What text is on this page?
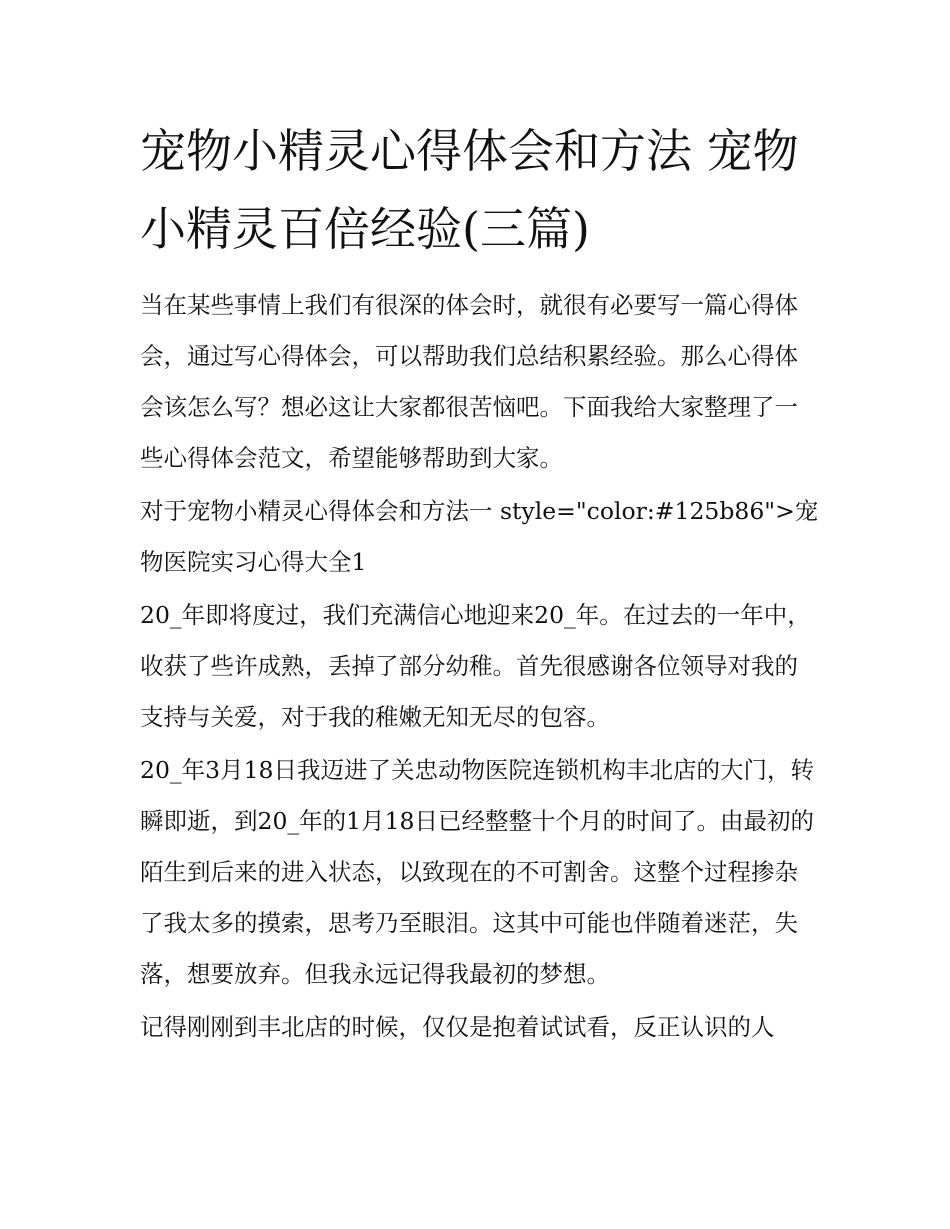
宠物小精灵心得体会和方法 宠物小精灵百倍经验(三篇)

当在某些事情上我们有很深的体会时，就很有必要写一篇心得体会，通过写心得体会，可以帮助我们总结积累经验。那么心得体会该怎么写？想必这让大家都很苦恼吧。下面我给大家整理了一些心得体会范文，希望能够帮助到大家。

对于宠物小精灵心得体会和方法一 style="color:#125b86">宠物医院实习心得大全1

20_年即将度过，我们充满信心地迎来20_年。在过去的一年中，收获了些许成熟，丢掉了部分幼稚。首先很感谢各位领导对我的支持与关爱，对于我的稚嫩无知无尽的包容。

20_年3月18日我迈进了关忠动物医院连锁机构丰北店的大门，转瞬即逝，到20_年的1月18日已经整整十个月的时间了。由最初的陌生到后来的进入状态，以致现在的不可割舍。这整个过程掺杂了我太多的摸索，思考乃至眼泪。这其中可能也伴随着迷茫，失落，想要放弃。但我永远记得我最初的梦想。

记得刚刚到丰北店的时候，仅仅是抱着试试看，反正认识的人
